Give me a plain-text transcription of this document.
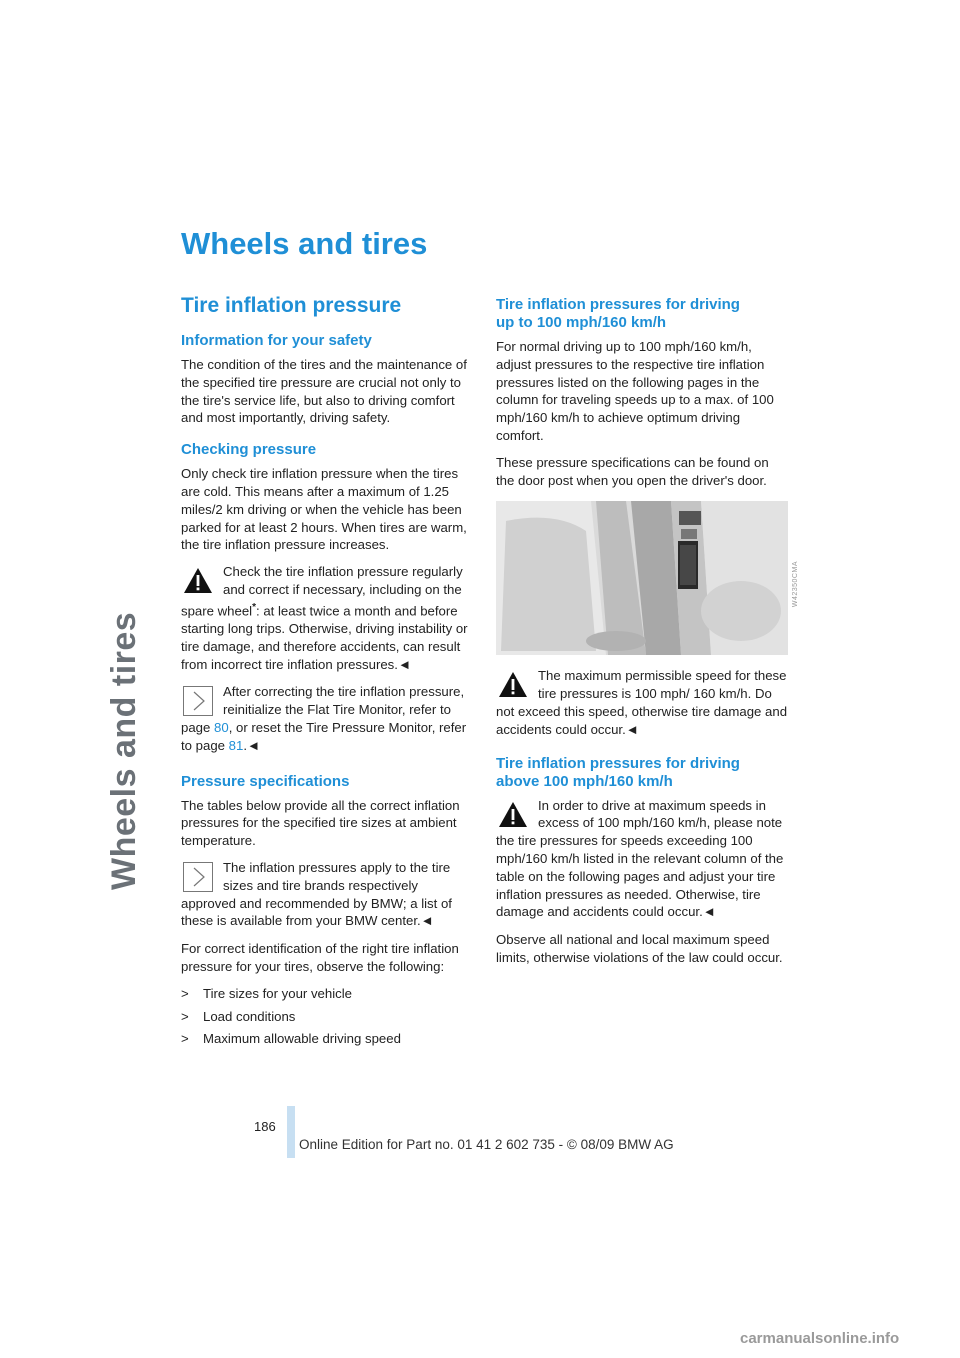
Wheels and tires
Wheels and tires
Tire inflation pressure
Information for your safety

The condition of the tires and the maintenance of the specified tire pressure are crucial not only to the tire's service life, but also to driving comfort and most importantly, driving safety.

Checking pressure

Only check tire inflation pressure when the tires are cold. This means after a maximum of 1.25 miles/2 km driving or when the vehicle has been parked for at least 2 hours. When tires are warm, the tire inflation pressure increases.

Check the tire inflation pressure regularly and correct if necessary, including on the spare wheel*: at least twice a month and before starting long trips. Otherwise, driving instability or tire damage, and therefore accidents, can result from incorrect tire inflation pressures.◄

After correcting the tire inflation pressure, reinitialize the Flat Tire Monitor, refer to page 80, or reset the Tire Pressure Monitor, refer to page 81.◄

Pressure specifications

The tables below provide all the correct inflation pressures for the specified tire sizes at ambient temperature.

The inflation pressures apply to the tire sizes and tire brands respectively approved and recommended by BMW; a list of these is available from your BMW center.◄

For correct identification of the right tire inflation pressure for your tires, observe the following:

>	Tire sizes for your vehicle
>	Load conditions
>	Maximum allowable driving speed
Tire inflation pressures for driving
up to 100 mph/160 km/h

For normal driving up to 100 mph/160 km/h, adjust pressures to the respective tire inflation pressures listed on the following pages in the column for traveling speeds up to a max. of 100 mph/160 km/h to achieve optimum driving comfort.

These pressure specifications can be found on the door post when you open the driver's door.

W42350CMA

The maximum permissible speed for these tire pressures is 100 mph/ 160 km/h. Do not exceed this speed, otherwise tire damage and accidents could occur.◄

Tire inflation pressures for driving
above 100 mph/160 km/h

In order to drive at maximum speeds in excess of 100 mph/160 km/h, please note the tire pressures for speeds exceeding 100 mph/160 km/h listed in the relevant column of the table on the following pages and adjust your tire inflation pressures as needed. Otherwise, tire damage and accidents could occur.◄

Observe all national and local maximum speed limits, otherwise violations of the law could occur.

186
Online Edition for Part no. 01 41 2 602 735 - © 08/09 BMW AG
carmanualsonline.info
